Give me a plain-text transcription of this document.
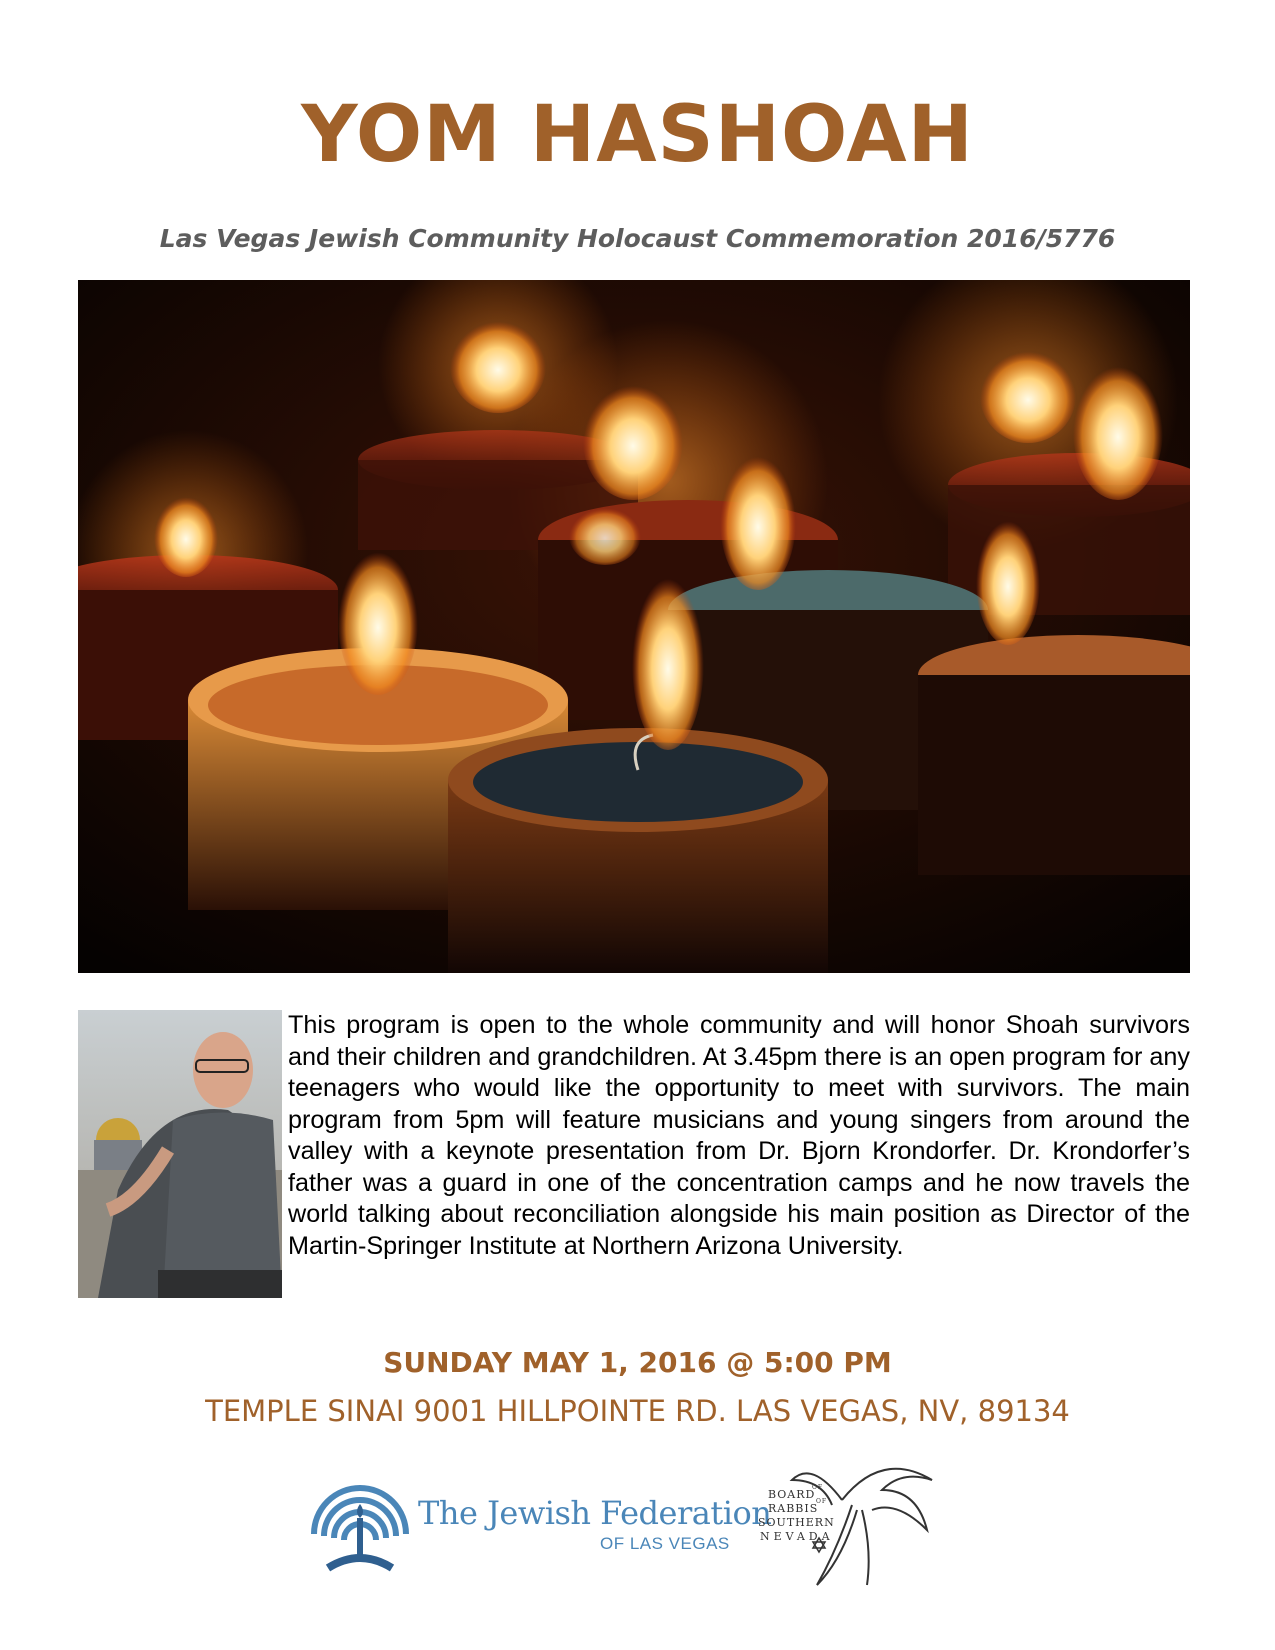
YOM HASHOAH

Las Vegas Jewish Community Holocaust Commemoration 2016/5776

This program is open to the whole community and will honor Shoah survivors and their children and grandchildren. At 3.45pm there is an open program for any teenagers who would like the opportunity to meet with survivors. The main program from 5pm will feature musicians and young singers from around the valley with a keynote presentation from Dr. Bjorn Krondorfer. Dr. Krondorfer’s father was a guard in one of the concentration camps and he now travels the world talking about reconciliation alongside his main position as Director of the Martin-Springer Institute at Northern Arizona University.

SUNDAY MAY 1, 2016 @ 5:00 PM

TEMPLE SINAI 9001 HILLPOINTE RD. LAS VEGAS, NV, 89134

The Jewish Federation
OF LAS VEGAS
BOARD
OF
RABBIS
OF
SOUTHERN
NEVADA
